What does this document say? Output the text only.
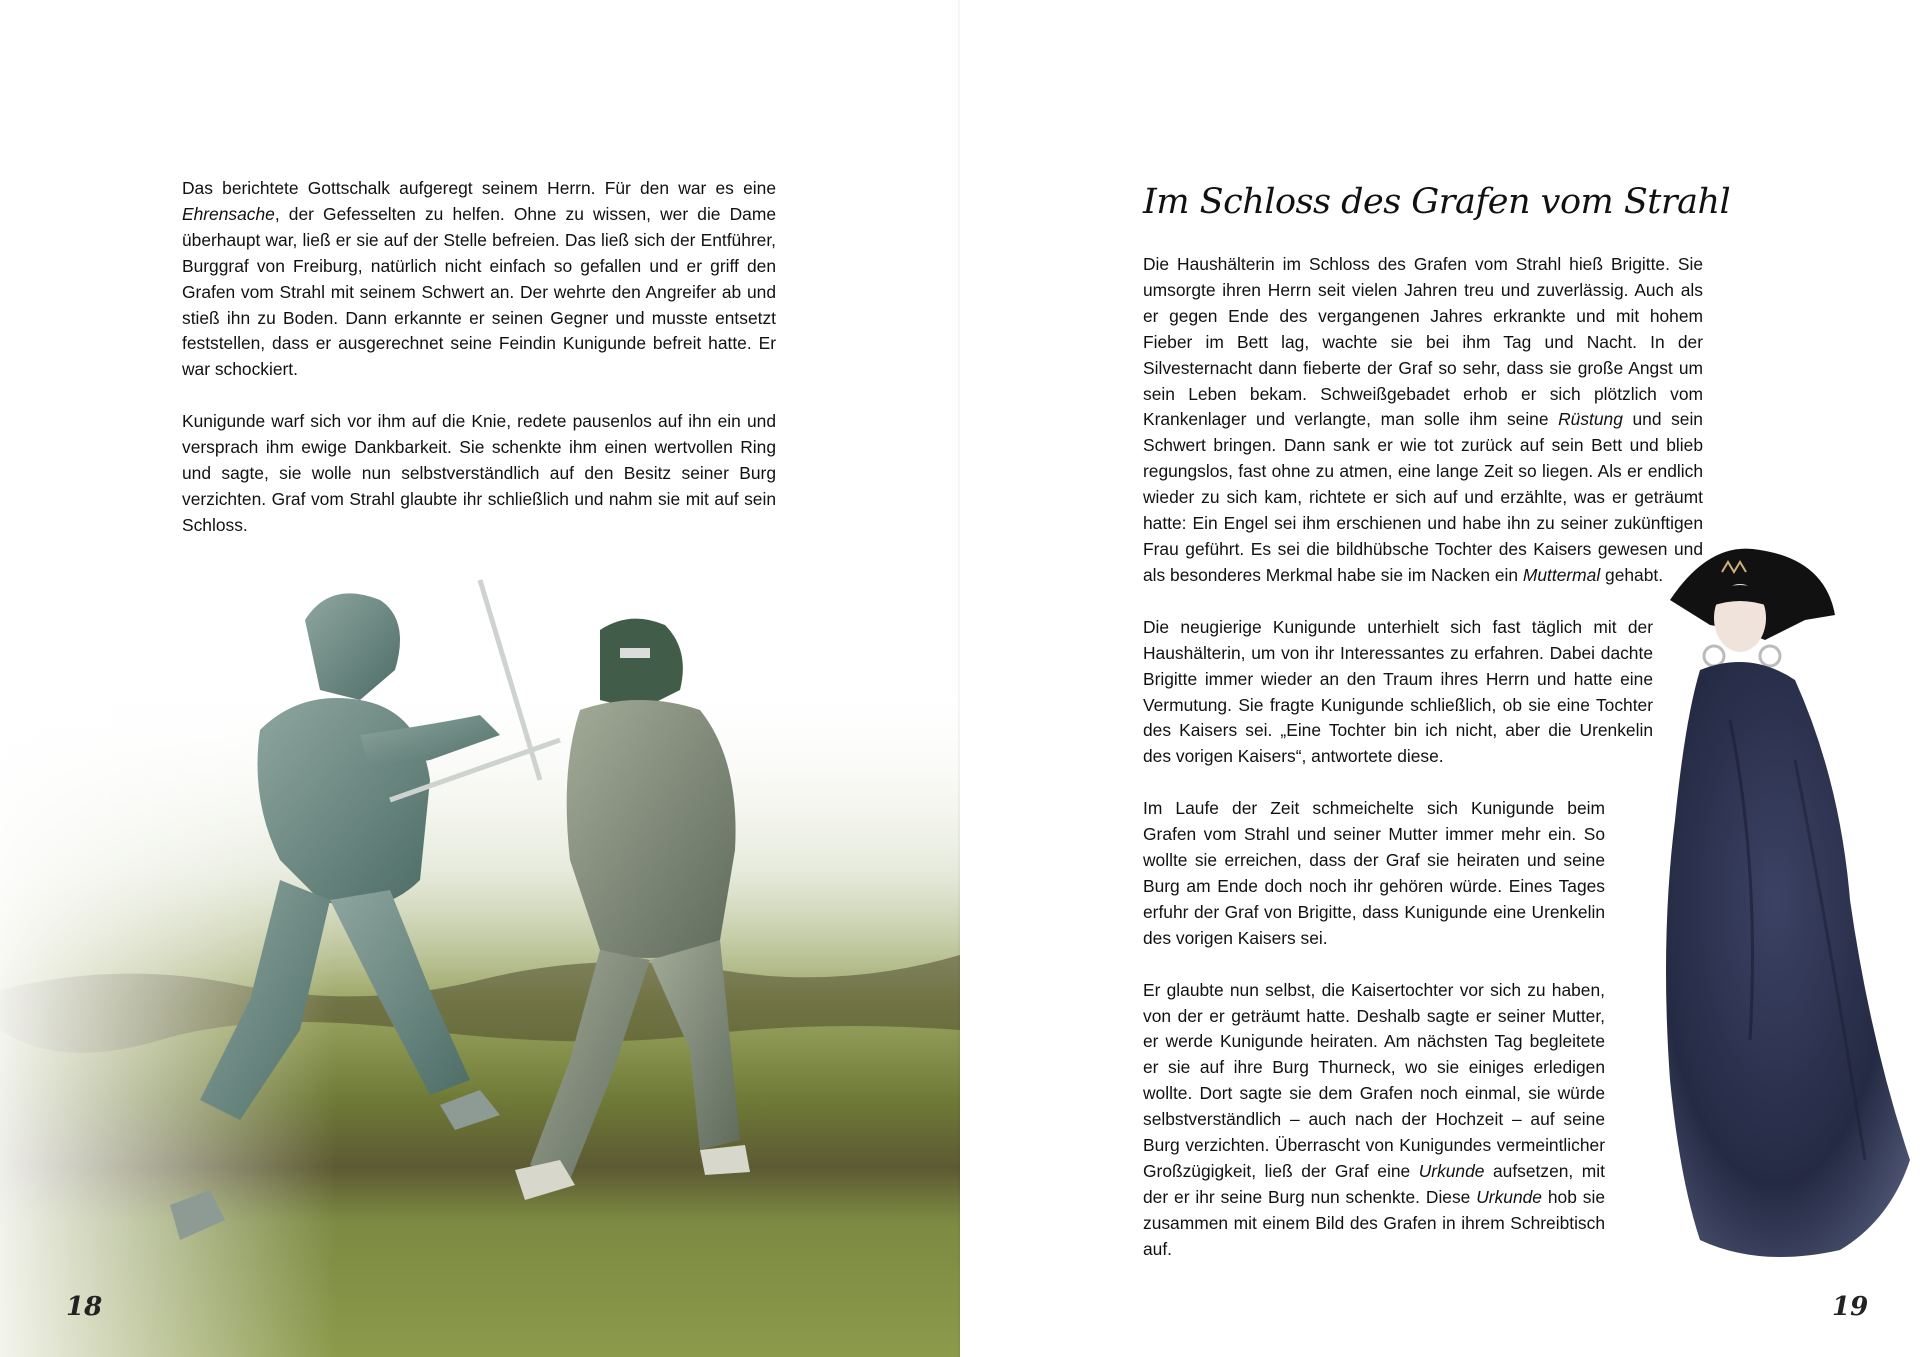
Das berichtete Gottschalk aufgeregt seinem Herrn. Für den war es eine Ehrensache, der Gefesselten zu helfen. Ohne zu wissen, wer die Dame überhaupt war, ließ er sie auf der Stelle befreien. Das ließ sich der Entführer, Burggraf von Freiburg, natürlich nicht einfach so gefallen und er griff den Grafen vom Strahl mit seinem Schwert an. Der wehrte den Angreifer ab und stieß ihn zu Boden. Dann erkannte er seinen Gegner und musste entsetzt feststellen, dass er ausgerechnet seine Feindin Kunigunde befreit hatte. Er war schockiert.

Kunigunde warf sich vor ihm auf die Knie, redete pausenlos auf ihn ein und versprach ihm ewige Dankbarkeit. Sie schenkte ihm einen wertvollen Ring und sagte, sie wolle nun selbstverständlich auf den Besitz seiner Burg verzichten. Graf vom Strahl glaubte ihr schließlich und nahm sie mit auf sein Schloss.

18	19
Im Schloss des Grafen vom Strahl

Die Haushälterin im Schloss des Grafen vom Strahl hieß Brigitte. Sie umsorgte ihren Herrn seit vielen Jahren treu und zuverlässig. Auch als er gegen Ende des vergangenen Jahres erkrankte und mit hohem Fieber im Bett lag, wachte sie bei ihm Tag und Nacht. In der Silvesternacht dann fieberte der Graf so sehr, dass sie große Angst um sein Leben bekam. Schweißgebadet erhob er sich plötzlich vom Krankenlager und verlangte, man solle ihm seine Rüstung und sein Schwert bringen. Dann sank er wie tot zurück auf sein Bett und blieb regungslos, fast ohne zu atmen, eine lange Zeit so liegen. Als er endlich wieder zu sich kam, richtete er sich auf und erzählte, was er geträumt hatte: Ein Engel sei ihm erschienen und habe ihn zu seiner zukünftigen Frau geführt. Es sei die bildhübsche Tochter des Kaisers gewesen und als besonderes Merkmal habe sie im Nacken ein Muttermal gehabt.

Die neugierige Kunigunde unterhielt sich fast täglich mit der Haushälterin, um von ihr Interessantes zu erfahren. Dabei dachte Brigitte immer wieder an den Traum ihres Herrn und hatte eine Vermutung. Sie fragte Kunigunde schließlich, ob sie eine Tochter des Kaisers sei. „Eine Tochter bin ich nicht, aber die Urenkelin des vorigen Kaisers“, antwortete diese.

Im Laufe der Zeit schmeichelte sich Kunigunde beim Grafen vom Strahl und seiner Mutter immer mehr ein. So wollte sie erreichen, dass der Graf sie heiraten und seine Burg am Ende doch noch ihr gehören würde. Eines Tages erfuhr der Graf von Brigitte, dass Kunigunde eine Urenkelin des vorigen Kaisers sei.

Er glaubte nun selbst, die Kaisertochter vor sich zu haben, von der er geträumt hatte. Deshalb sagte er seiner Mutter, er werde Kunigunde heiraten. Am nächsten Tag begleitete er sie auf ihre Burg Thurneck, wo sie einiges erledigen wollte. Dort sagte sie dem Grafen noch einmal, sie würde selbstverständlich – auch nach der Hochzeit – auf seine Burg verzichten. Überrascht von Kunigundes vermeintlicher Großzügigkeit, ließ der Graf eine Urkunde aufsetzen, mit der er ihr seine Burg nun schenkte. Diese Urkunde hob sie zusammen mit einem Bild des Grafen in ihrem Schreibtisch auf.
